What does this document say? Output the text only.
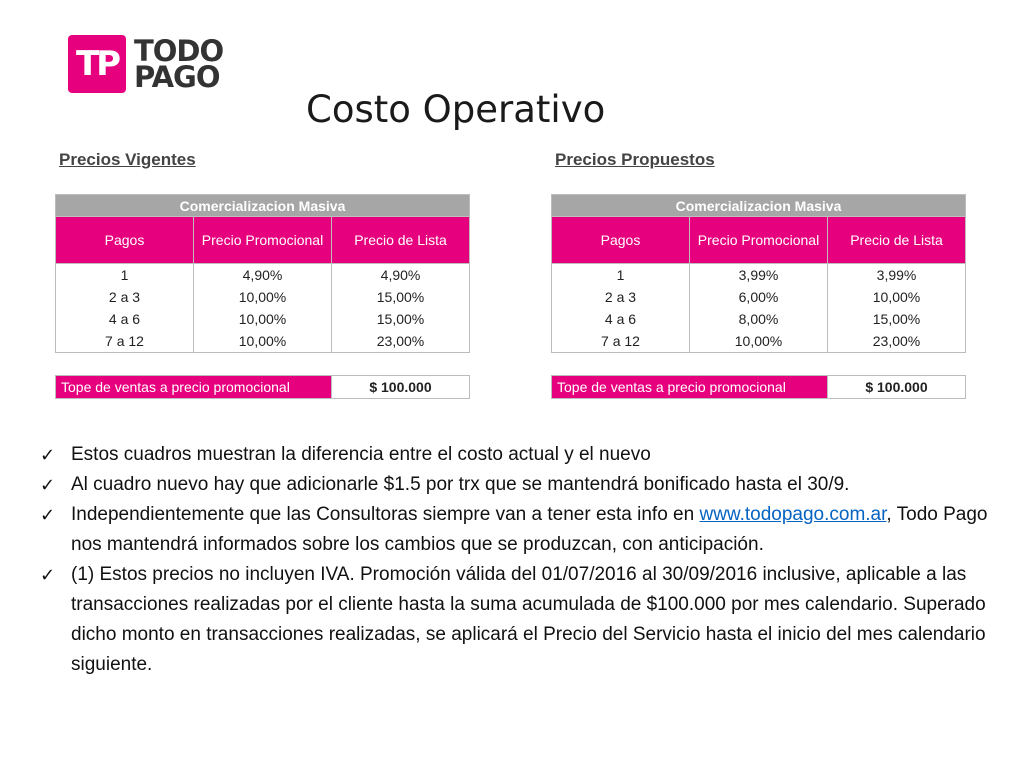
TP TODO
PAGO
Costo Operativo
Precios Vigentes
Comercializacion Masiva		
Pagos	Precio Promocional	Precio de Lista
1	4,90%	4,90%
2 a 3	10,00%	15,00%
4 a 6	10,00%	15,00%
7 a 12	10,00%	23,00%
Tope de ventas a precio promocional	$ 100.000
Precios Propuestos
Comercializacion Masiva		
Pagos	Precio Promocional	Precio de Lista
1	3,99%	3,99%
2 a 3	6,00%	10,00%
4 a 6	8,00%	15,00%
7 a 12	10,00%	23,00%
Tope de ventas a precio promocional	$ 100.000
✓ Estos cuadros muestran la diferencia entre el costo actual y el nuevo
✓ Al cuadro nuevo hay que adicionarle $1.5 por trx que se mantendrá bonificado hasta el 30/9.
✓ Independientemente que las Consultoras siempre van a tener esta info en www.todopago.com.ar, Todo Pago nos mantendrá informados sobre los cambios que se produzcan, con anticipación.
✓ (1) Estos precios no incluyen IVA. Promoción válida del 01/07/2016 al 30/09/2016 inclusive, aplicable a las transacciones realizadas por el cliente hasta la suma acumulada de $100.000 por mes calendario. Superado dicho monto en transacciones realizadas, se aplicará el Precio del Servicio hasta el inicio del mes calendario siguiente.
